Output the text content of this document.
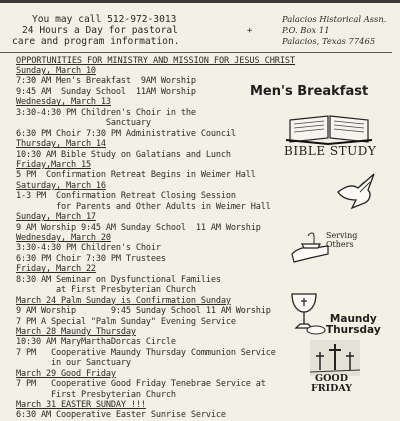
You may call 512-972-3013
24 Hours a Day for pastoral
care and program information.
+
Palacios Historical Assn.
P.O. Box 11
Palacios, Texas 77465
OPPORTUNITIES FOR MINISTRY AND MISSION FOR JESUS CHRIST
Sunday, March 10
7:30 AM Men's Breakfast  9AM Worship
9:45 AM  Sunday School  11AM Worship
Wednesday, March 13
3:30-4:30 PM Children's Choir in the
Sanctuary
6:30 PM Choir 7:30 PM Administrative Council
Thursday, March 14
10:30 AM Bible Study on Galatians and Lunch
Friday,March 15
5 PM  Confirmation Retreat Begins in Weimer Hall
Saturday, March 16
1-3 PM  Confirmation Retreat Closing Session
for Parents and Other Adults in Weimer Hall
Sunday, March 17
9 AM Worship 9:45 AM Sunday School  11 AM Worship
Wednesday, March 20
3:30-4:30 PM Children's Choir
6:30 PM Choir 7:30 PM Trustees
Friday, March 22
8:30 AM Seminar on Dysfunctional Families
at First Presbyterian Church
March 24 Palm Sunday is Confirmation Sunday
9 AM Worship       9:45 Sunday School 11 AM Worship
7 PM A Special "Palm Sunday" Evening Service
March 28 Maundy Thursday
10:30 AM MaryMarthaDorcas Circle
7 PM   Cooperative Maundy Thursday Communion Service
in our Sanctuary
March 29 Good Friday
7 PM   Cooperative Good Friday Tenebrae Service at
First Presbyterian Church
March 31 EASTER SUNDAY !!!
6:30 AM Cooperative Easter Sunrise Service
Men's Breakfast
BIBLE STUDY
Serving
Others
Maundy
Thursday
GOOD
FRIDAY
